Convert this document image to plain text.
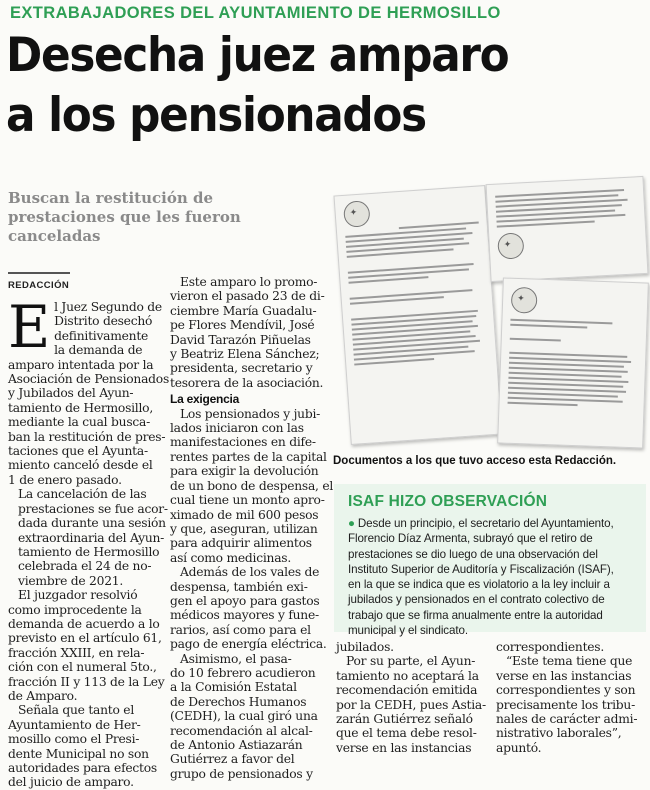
EXTRABAJADORES DEL AYUNTAMIENTO DE HERMOSILLO
Desecha juez amparo
a los pensionados
Buscan la restitución de
prestaciones que les fueron
canceladas
REDACCIÓN

E l Juez Segundo de
Distrito desechó
definitivamente
la demanda de
amparo intentada por la
Asociación de Pensionados
y Jubilados del Ayun-
tamiento de Hermosillo,
mediante la cual busca-
ban la restitución de pres-
taciones que el Ayunta-
miento canceló desde el
1 de enero pasado.

La cancelación de las
prestaciones se fue acor-
dada durante una sesión
extraordinaria del Ayun-
tamiento de Hermosillo
celebrada el 24 de no-
viembre de 2021.

El juzgador resolvió
como improcedente la
demanda de acuerdo a lo
previsto en el artículo 61,
fracción XXIII, en rela-
ción con el numeral 5to.,
fracción II y 113 de la Ley
de Amparo.

Señala que tanto el
Ayuntamiento de Her-
mosillo como el Presi-
dente Municipal no son
autoridades para efectos
del juicio de amparo.

Este amparo lo promo-
vieron el pasado 23 de di-
ciembre María Guadalu-
pe Flores Mendívil, José
David Tarazón Piñuelas
y Beatriz Elena Sánchez;
presidenta, secretario y
tesorera de la asociación.

La exigencia

Los pensionados y jubi-
lados iniciaron con las
manifestaciones en dife-
rentes partes de la capital
para exigir la devolución
de un bono de despensa, el
cual tiene un monto apro-
ximado de mil 600 pesos
y que, aseguran, utilizan
para adquirir alimentos
así como medicinas.

Además de los vales de
despensa, también exi-
gen el apoyo para gastos
médicos mayores y fune-
rarios, así como para el
pago de energía eléctrica.

Asimismo, el pasa-
do 10 febrero acudieron
a la Comisión Estatal
de Derechos Humanos
(CEDH), la cual giró una
recomendación al alcal-
de Antonio Astiazarán
Gutiérrez a favor del
grupo de pensionados y

✦
✦
✦
Documentos a los que tuvo acceso esta Redacción.
ISAF HIZO OBSERVACIÓN
● Desde un principio, el secretario del Ayuntamiento,
Florencio Díaz Armenta, subrayó que el retiro de
prestaciones se dio luego de una observación del
Instituto Superior de Auditoría y Fiscalización (ISAF),
en la que se indica que es violatorio a la ley incluir a
jubilados y pensionados en el contrato colectivo de
trabajo que se firma anualmente entre la autoridad
municipal y el sindicato.

jubilados.

Por su parte, el Ayun-
tamiento no aceptará la
recomendación emitida
por la CEDH, pues Astia-
zarán Gutiérrez señaló
que el tema debe resol-
verse en las instancias

correspondientes.

“Este tema tiene que
verse en las instancias
correspondientes y son
precisamente los tribu-
nales de carácter admi-
nistrativo laborales”,
apuntó.
